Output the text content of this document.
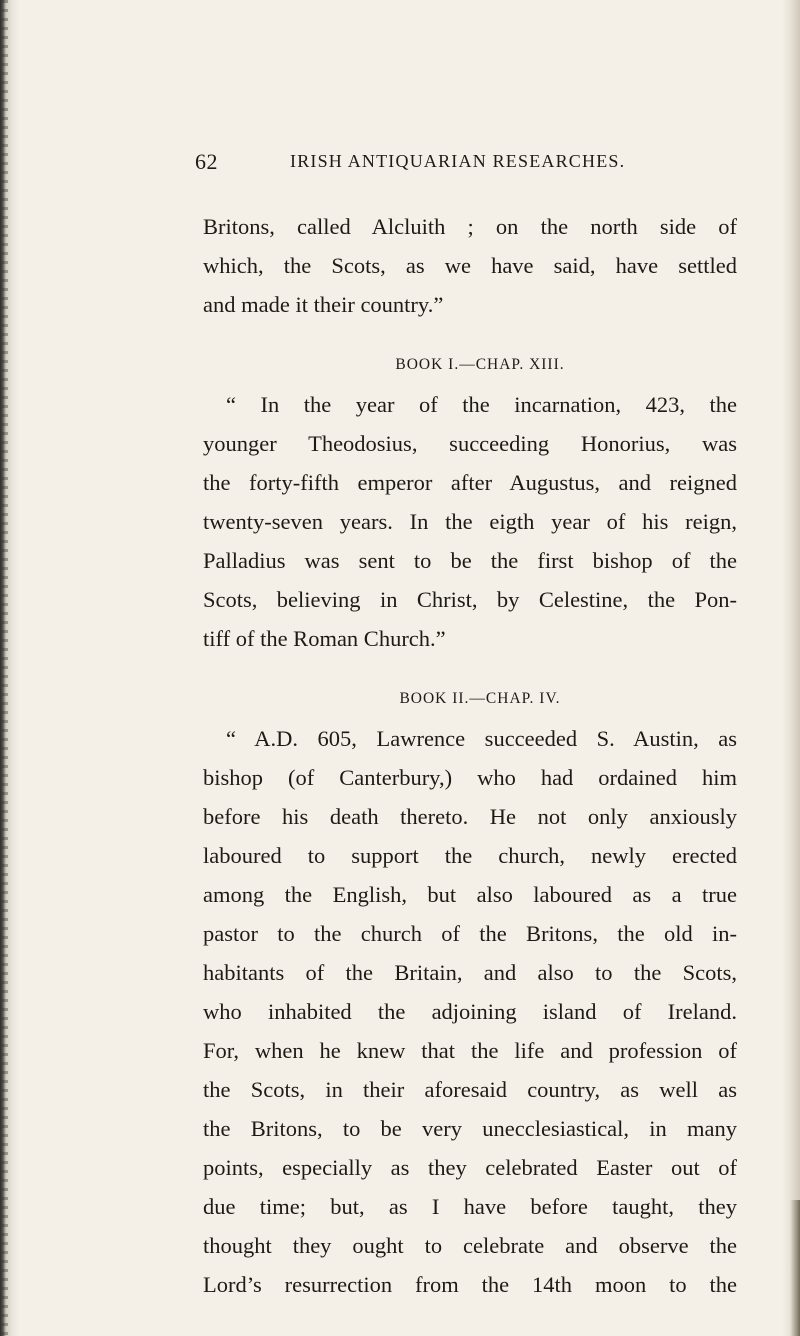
62	IRISH ANTIQUARIAN RESEARCHES.
Britons, called Alcluith ; on the north side of
which, the Scots, as we have said, have settled
and made it their country.”
BOOK I.—CHAP. XIII.
“ In the year of the incarnation, 423, the
younger Theodosius, succeeding Honorius, was
the forty-fifth emperor after Augustus, and reigned
twenty-seven years. In the eigth year of his reign,
Palladius was sent to be the first bishop of the
Scots, believing in Christ, by Celestine, the Pon-
tiff of the Roman Church.”
BOOK II.—CHAP. IV.
“ A.D. 605, Lawrence succeeded S. Austin, as
bishop (of Canterbury,) who had ordained him
before his death thereto. He not only anxiously
laboured to support the church, newly erected
among the English, but also laboured as a true
pastor to the church of the Britons, the old in-
habitants of the Britain, and also to the Scots,
who inhabited the adjoining island of Ireland.
For, when he knew that the life and profession of
the Scots, in their aforesaid country, as well as
the Britons, to be very unecclesiastical, in many
points, especially as they celebrated Easter out of
due time; but, as I have before taught, they
thought they ought to celebrate and observe the
Lord’s resurrection from the 14th moon to the
